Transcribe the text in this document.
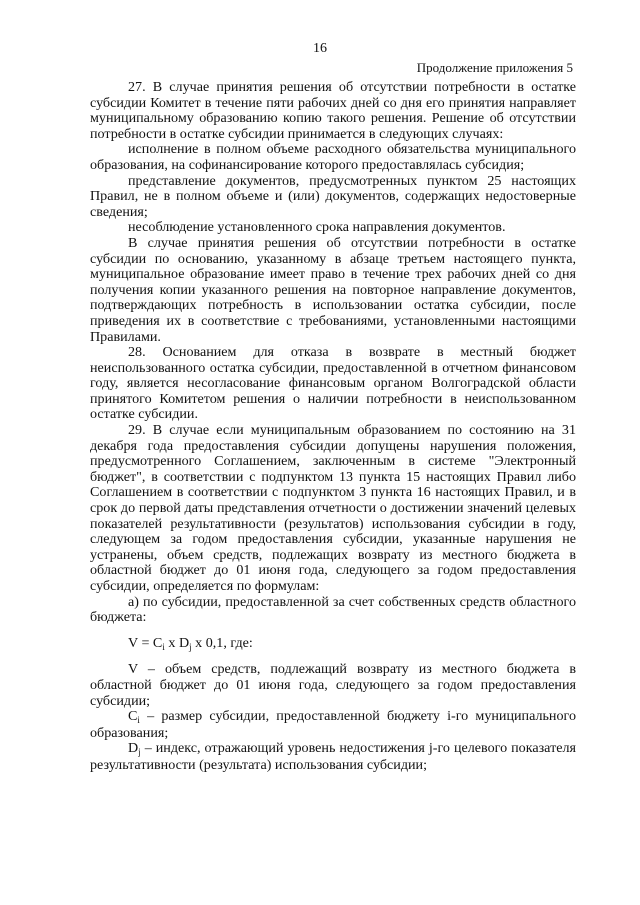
16
Продолжение приложения 5

27. В случае принятия решения об отсутствии потребности в остатке субсидии Комитет в течение пяти рабочих дней со дня его принятия направляет муниципальному образованию копию такого решения. Решение об отсутствии потребности в остатке субсидии принимается в следующих случаях:

исполнение в полном объеме расходного обязательства муниципального образования, на софинансирование которого предоставлялась субсидия;

представление документов, предусмотренных пунктом 25 настоящих Правил, не в полном объеме и (или) документов, содержащих недостоверные сведения;

несоблюдение установленного срока направления документов.

В случае принятия решения об отсутствии потребности в остатке субсидии по основанию, указанному в абзаце третьем настоящего пункта, муниципальное образование имеет право в течение трех рабочих дней со дня получения копии указанного решения на повторное направление документов, подтверждающих потребность в использовании остатка субсидии, после приведения их в соответствие с требованиями, установленными настоящими Правилами.

28. Основанием для отказа в возврате в местный бюджет неиспользованного остатка субсидии, предоставленной в отчетном финансовом году, является несогласование финансовым органом Волгоградской области принятого Комитетом решения о наличии потребности в неиспользованном остатке субсидии.

29. В случае если муниципальным образованием по состоянию на 31 декабря года предоставления субсидии допущены нарушения положения, предусмотренного Соглашением, заключенным в системе "Электронный бюджет", в соответствии с подпунктом 13 пункта 15 настоящих Правил либо Соглашением в соответствии с подпунктом 3 пункта 16 настоящих Правил, и в срок до первой даты представления отчетности о достижении значений целевых показателей результативности (результатов) использования субсидии в году, следующем за годом предоставления субсидии, указанные нарушения не устранены, объем средств, подлежащих возврату из местного бюджета в областной бюджет до 01 июня года, следующего за годом предоставления субсидии, определяется по формулам:

а) по субсидии, предоставленной за счет собственных средств областного бюджета:

$V = C_i$ x $D_j$ x 0,1, где:

V – объем средств, подлежащий возврату из местного бюджета в областной бюджет до 01 июня года, следующего за годом предоставления субсидии;

$C_i$ – размер субсидии, предоставленной бюджету i-го муниципального образования;

$D_j$ – индекс, отражающий уровень недостижения j-го целевого показателя результативности (результата) использования субсидии;
